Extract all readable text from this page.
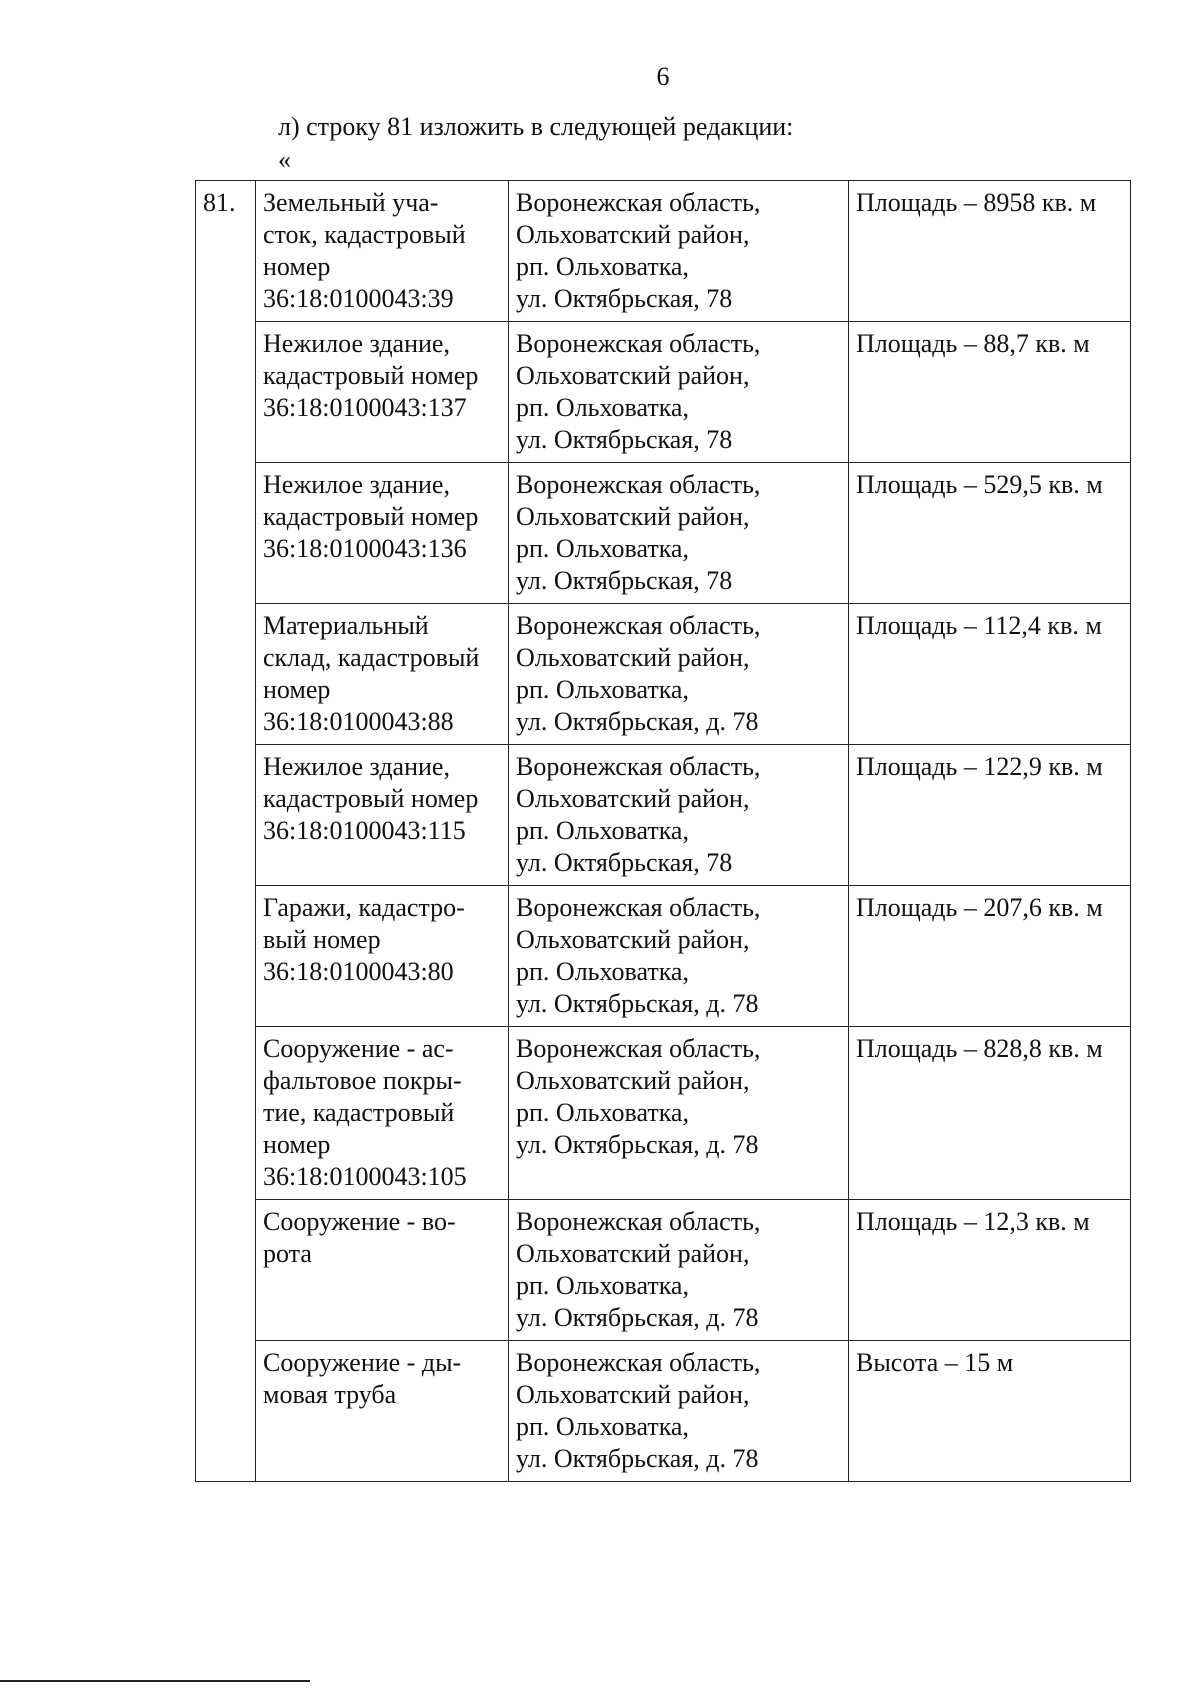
6
л) строку 81 изложить в следующей редакции:
«
81.	Земельный уча-
сток, кадастровый
номер
36:18:0100043:39	Воронежская область,
Ольховатский район,
рп. Ольховатка,
ул. Октябрьская, 78	Площадь – 8958 кв. м
	Нежилое здание,
кадастровый номер
36:18:0100043:137	Воронежская область,
Ольховатский район,
рп. Ольховатка,
ул. Октябрьская, 78	Площадь – 88,7 кв. м
	Нежилое здание,
кадастровый номер
36:18:0100043:136	Воронежская область,
Ольховатский район,
рп. Ольховатка,
ул. Октябрьская, 78	Площадь – 529,5 кв. м
	Материальный
склад, кадастровый
номер
36:18:0100043:88	Воронежская область,
Ольховатский район,
рп. Ольховатка,
ул. Октябрьская, д. 78	Площадь – 112,4 кв. м
	Нежилое здание,
кадастровый номер
36:18:0100043:115	Воронежская область,
Ольховатский район,
рп. Ольховатка,
ул. Октябрьская, 78	Площадь – 122,9 кв. м
	Гаражи, кадастро-
вый номер
36:18:0100043:80	Воронежская область,
Ольховатский район,
рп. Ольховатка,
ул. Октябрьская, д. 78	Площадь – 207,6 кв. м
	Сооружение - ас-
фальтовое покры-
тие, кадастровый
номер
36:18:0100043:105	Воронежская область,
Ольховатский район,
рп. Ольховатка,
ул. Октябрьская, д. 78	Площадь – 828,8 кв. м
	Сооружение - во-
рота	Воронежская область,
Ольховатский район,
рп. Ольховатка,
ул. Октябрьская, д. 78	Площадь – 12,3 кв. м
	Сооружение - ды-
мовая труба	Воронежская область,
Ольховатский район,
рп. Ольховатка,
ул. Октябрьская, д. 78	Высота – 15 м
